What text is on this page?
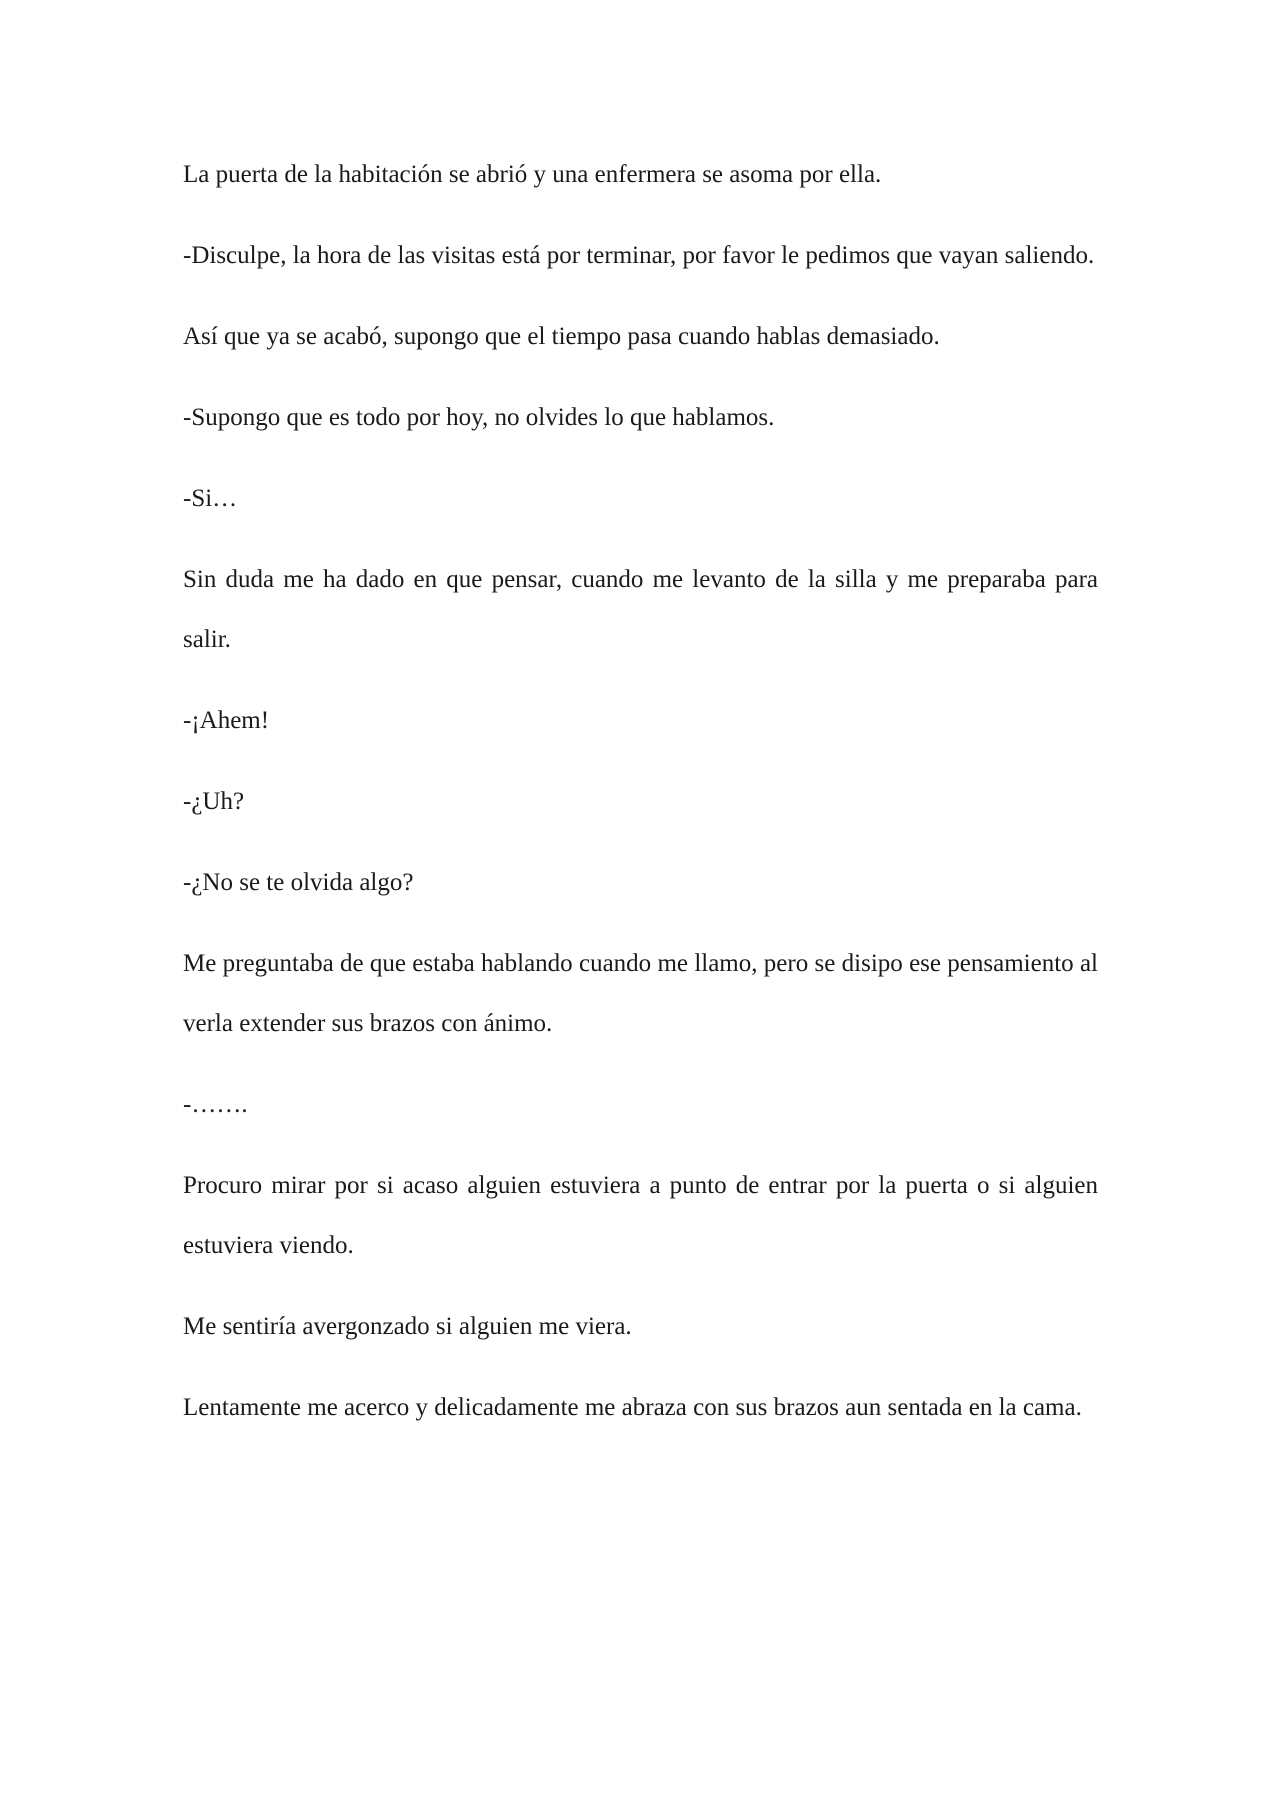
La puerta de la habitación se abrió y una enfermera se asoma por ella.

-Disculpe, la hora de las visitas está por terminar, por favor le pedimos que vayan saliendo.

Así que ya se acabó, supongo que el tiempo pasa cuando hablas demasiado.

-Supongo que es todo por hoy, no olvides lo que hablamos.

-Si…

Sin duda me ha dado en que pensar, cuando me levanto de la silla y me preparaba para salir.

-¡Ahem!

-¿Uh?

-¿No se te olvida algo?

Me preguntaba de que estaba hablando cuando me llamo, pero se disipo ese pensamiento al verla extender sus brazos con ánimo.

-…….

Procuro mirar por si acaso alguien estuviera a punto de entrar por la puerta o si alguien estuviera viendo.

Me sentiría avergonzado si alguien me viera.

Lentamente me acerco y delicadamente me abraza con sus brazos aun sentada en la cama.
